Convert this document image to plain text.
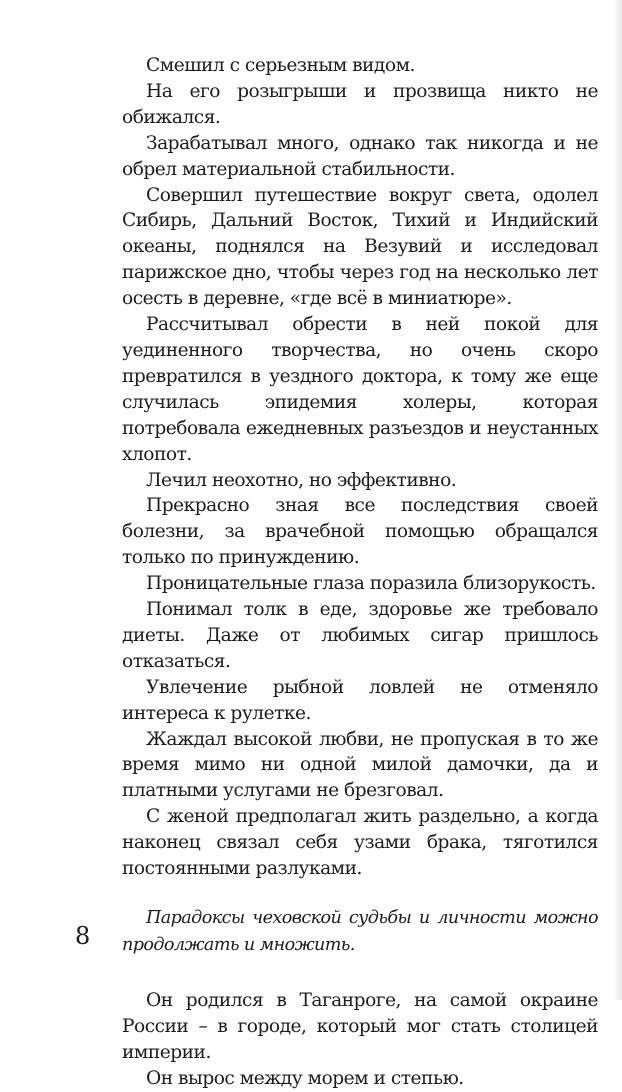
Смешил с серьезным видом.

На его розыгрыши и прозвища никто не обижался.

Зарабатывал много, однако так никогда и не обрел материальной стабильности.

Совершил путешествие вокруг света, одолел Сибирь, Дальний Восток, Тихий и Индийский океаны, поднялся на Везувий и исследовал парижское дно, чтобы через год на несколько лет осесть в деревне, «где всё в миниатюре».

Рассчитывал обрести в ней покой для уединенного творчества, но очень скоро превратился в уездного доктора, к тому же еще случилась эпидемия холеры, которая потребовала ежедневных разъездов и неустанных хлопот.

Лечил неохотно, но эффективно.

Прекрасно зная все последствия своей болезни, за врачебной помощью обращался только по принуждению.

Проницательные глаза поразила близорукость.

Понимал толк в еде, здоровье же требовало диеты. Даже от любимых сигар пришлось отказаться.

Увлечение рыбной ловлей не отменяло интереса к рулетке.

Жаждал высокой любви, не пропуская в то же время мимо ни одной милой дамочки, да и платными услугами не брезговал.

С женой предполагал жить раздельно, а когда наконец связал себя узами брака, тяготился постоянными разлуками.

Парадоксы чеховской судьбы и личности можно продолжать и множить.

Он родился в Таганроге, на самой окраине России – в городе, который мог стать столицей империи.

Он вырос между морем и степью.

8
